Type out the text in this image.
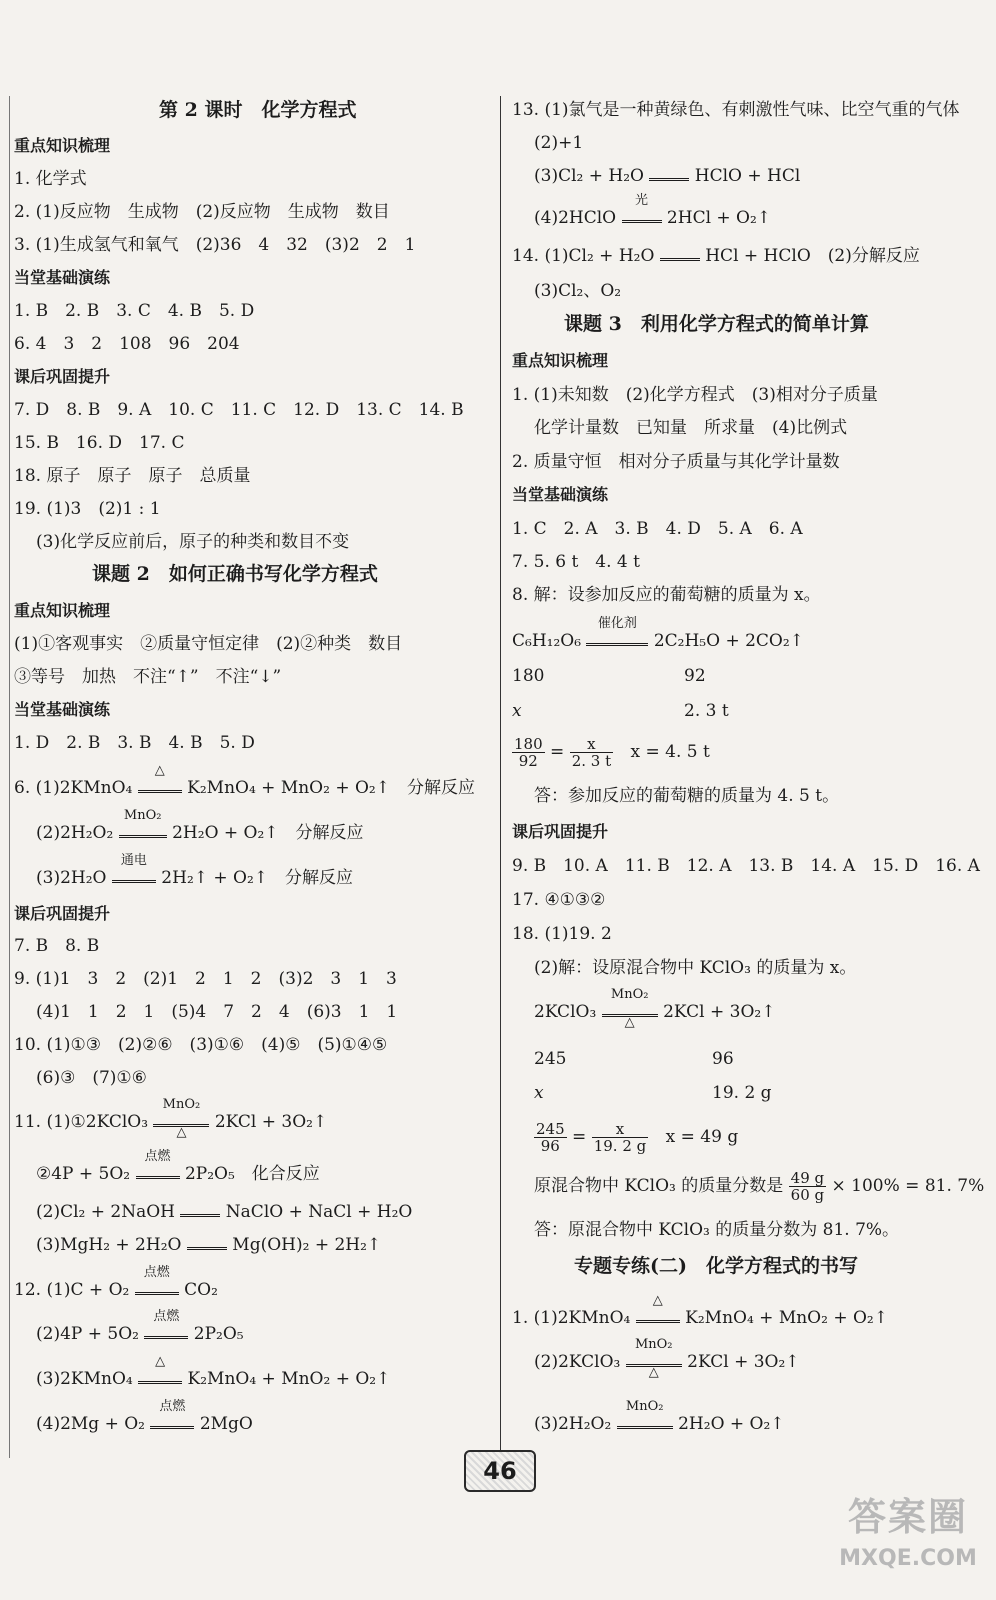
第 2 课时　化学方程式
重点知识梳理
1. 化学式
2. (1)反应物　生成物　(2)反应物　生成物　数目
3. (1)生成氢气和氧气　(2)36　4　32　(3)2　2　1
当堂基础演练
1. B　2. B　3. C　4. B　5. D
6. 4　3　2　108　96　204
课后巩固提升
7. D　8. B　9. A　10. C　11. C　12. D　13. C　14. B
15. B　16. D　17. C
18. 原子　原子　原子　总质量
19. (1)3　(2)1 : 1
(3)化学反应前后，原子的种类和数目不变
课题 2　如何正确书写化学方程式
重点知识梳理
(1)①客观事实　②质量守恒定律　(2)②种类　数目
③等号　加热　不注“↑”　不注“↓”
当堂基础演练
1. D　2. B　3. B　4. B　5. D
6. (1)2KMnO₄
△
K₂MnO₄ + MnO₂ + O₂↑　分解反应
(2)2H₂O₂
MnO₂
2H₂O + O₂↑　分解反应
(3)2H₂O
通电
2H₂↑ + O₂↑　分解反应
课后巩固提升
7. B　8. B
9. (1)1　3　2　(2)1　2　1　2　(3)2　3　1　3
(4)1　1　2　1　(5)4　7　2　4　(6)3　1　1
10. (1)①③　(2)②⑥　(3)①⑥　(4)⑤　(5)①④⑤
(6)③　(7)①⑥
11. (1)①2KClO₃
MnO₂
△
2KCl + 3O₂↑
②4P + 5O₂
点燃
2P₂O₅　化合反应
(2)Cl₂ + 2NaOH	NaClO + NaCl + H₂O
(3)MgH₂ + 2H₂O	Mg(OH)₂ + 2H₂↑
12. (1)C + O₂
点燃
CO₂
(2)4P + 5O₂
点燃
2P₂O₅
(3)2KMnO₄
△
K₂MnO₄ + MnO₂ + O₂↑
(4)2Mg + O₂
点燃
2MgO
13. (1)氯气是一种黄绿色、有刺激性气味、比空气重的气体
(2)+1
(3)Cl₂ + H₂O	HClO + HCl
(4)2HClO
光
2HCl + O₂↑
14. (1)Cl₂ + H₂O	HCl + HClO　(2)分解反应
(3)Cl₂、O₂
课题 3　利用化学方程式的简单计算
重点知识梳理
1. (1)未知数　(2)化学方程式　(3)相对分子质量
化学计量数　已知量　所求量　(4)比例式
2. 质量守恒　相对分子质量与其化学计量数
当堂基础演练
1. C　2. A　3. B　4. D　5. A　6. A
7. 5. 6 t　4. 4 t
8. 解：设参加反应的葡萄糖的质量为 x。
C₆H₁₂O₆
催化剂
2C₂H₅O + 2CO₂↑
180	92
x	2. 3 t
$\frac{180}{92} = \frac{x}{2. 3 t}$ x = 4. 5 t
答：参加反应的葡萄糖的质量为 4. 5 t。
课后巩固提升
9. B　10. A　11. B　12. A　13. B　14. A　15. D　16. A
17. ④①③②
18. (1)19. 2
(2)解：设原混合物中 KClO₃ 的质量为 x。
2KClO₃
MnO₂
△
2KCl + 3O₂↑
245	96
x	19. 2 g
$\frac{245}{96} = \frac{x}{19. 2 g}$ x = 49 g
原混合物中 KClO₃ 的质量分数是 $\frac{49 g}{60 g} \times 100\% = 81$. 7%
答：原混合物中 KClO₃ 的质量分数为 81. 7%。
专题专练(二)　化学方程式的书写
1. (1)2KMnO₄
△
K₂MnO₄ + MnO₂ + O₂↑
(2)2KClO₃
MnO₂
△
2KCl + 3O₂↑
(3)2H₂O₂
MnO₂
2H₂O + O₂↑
46
答案圈
MXQE.COM
